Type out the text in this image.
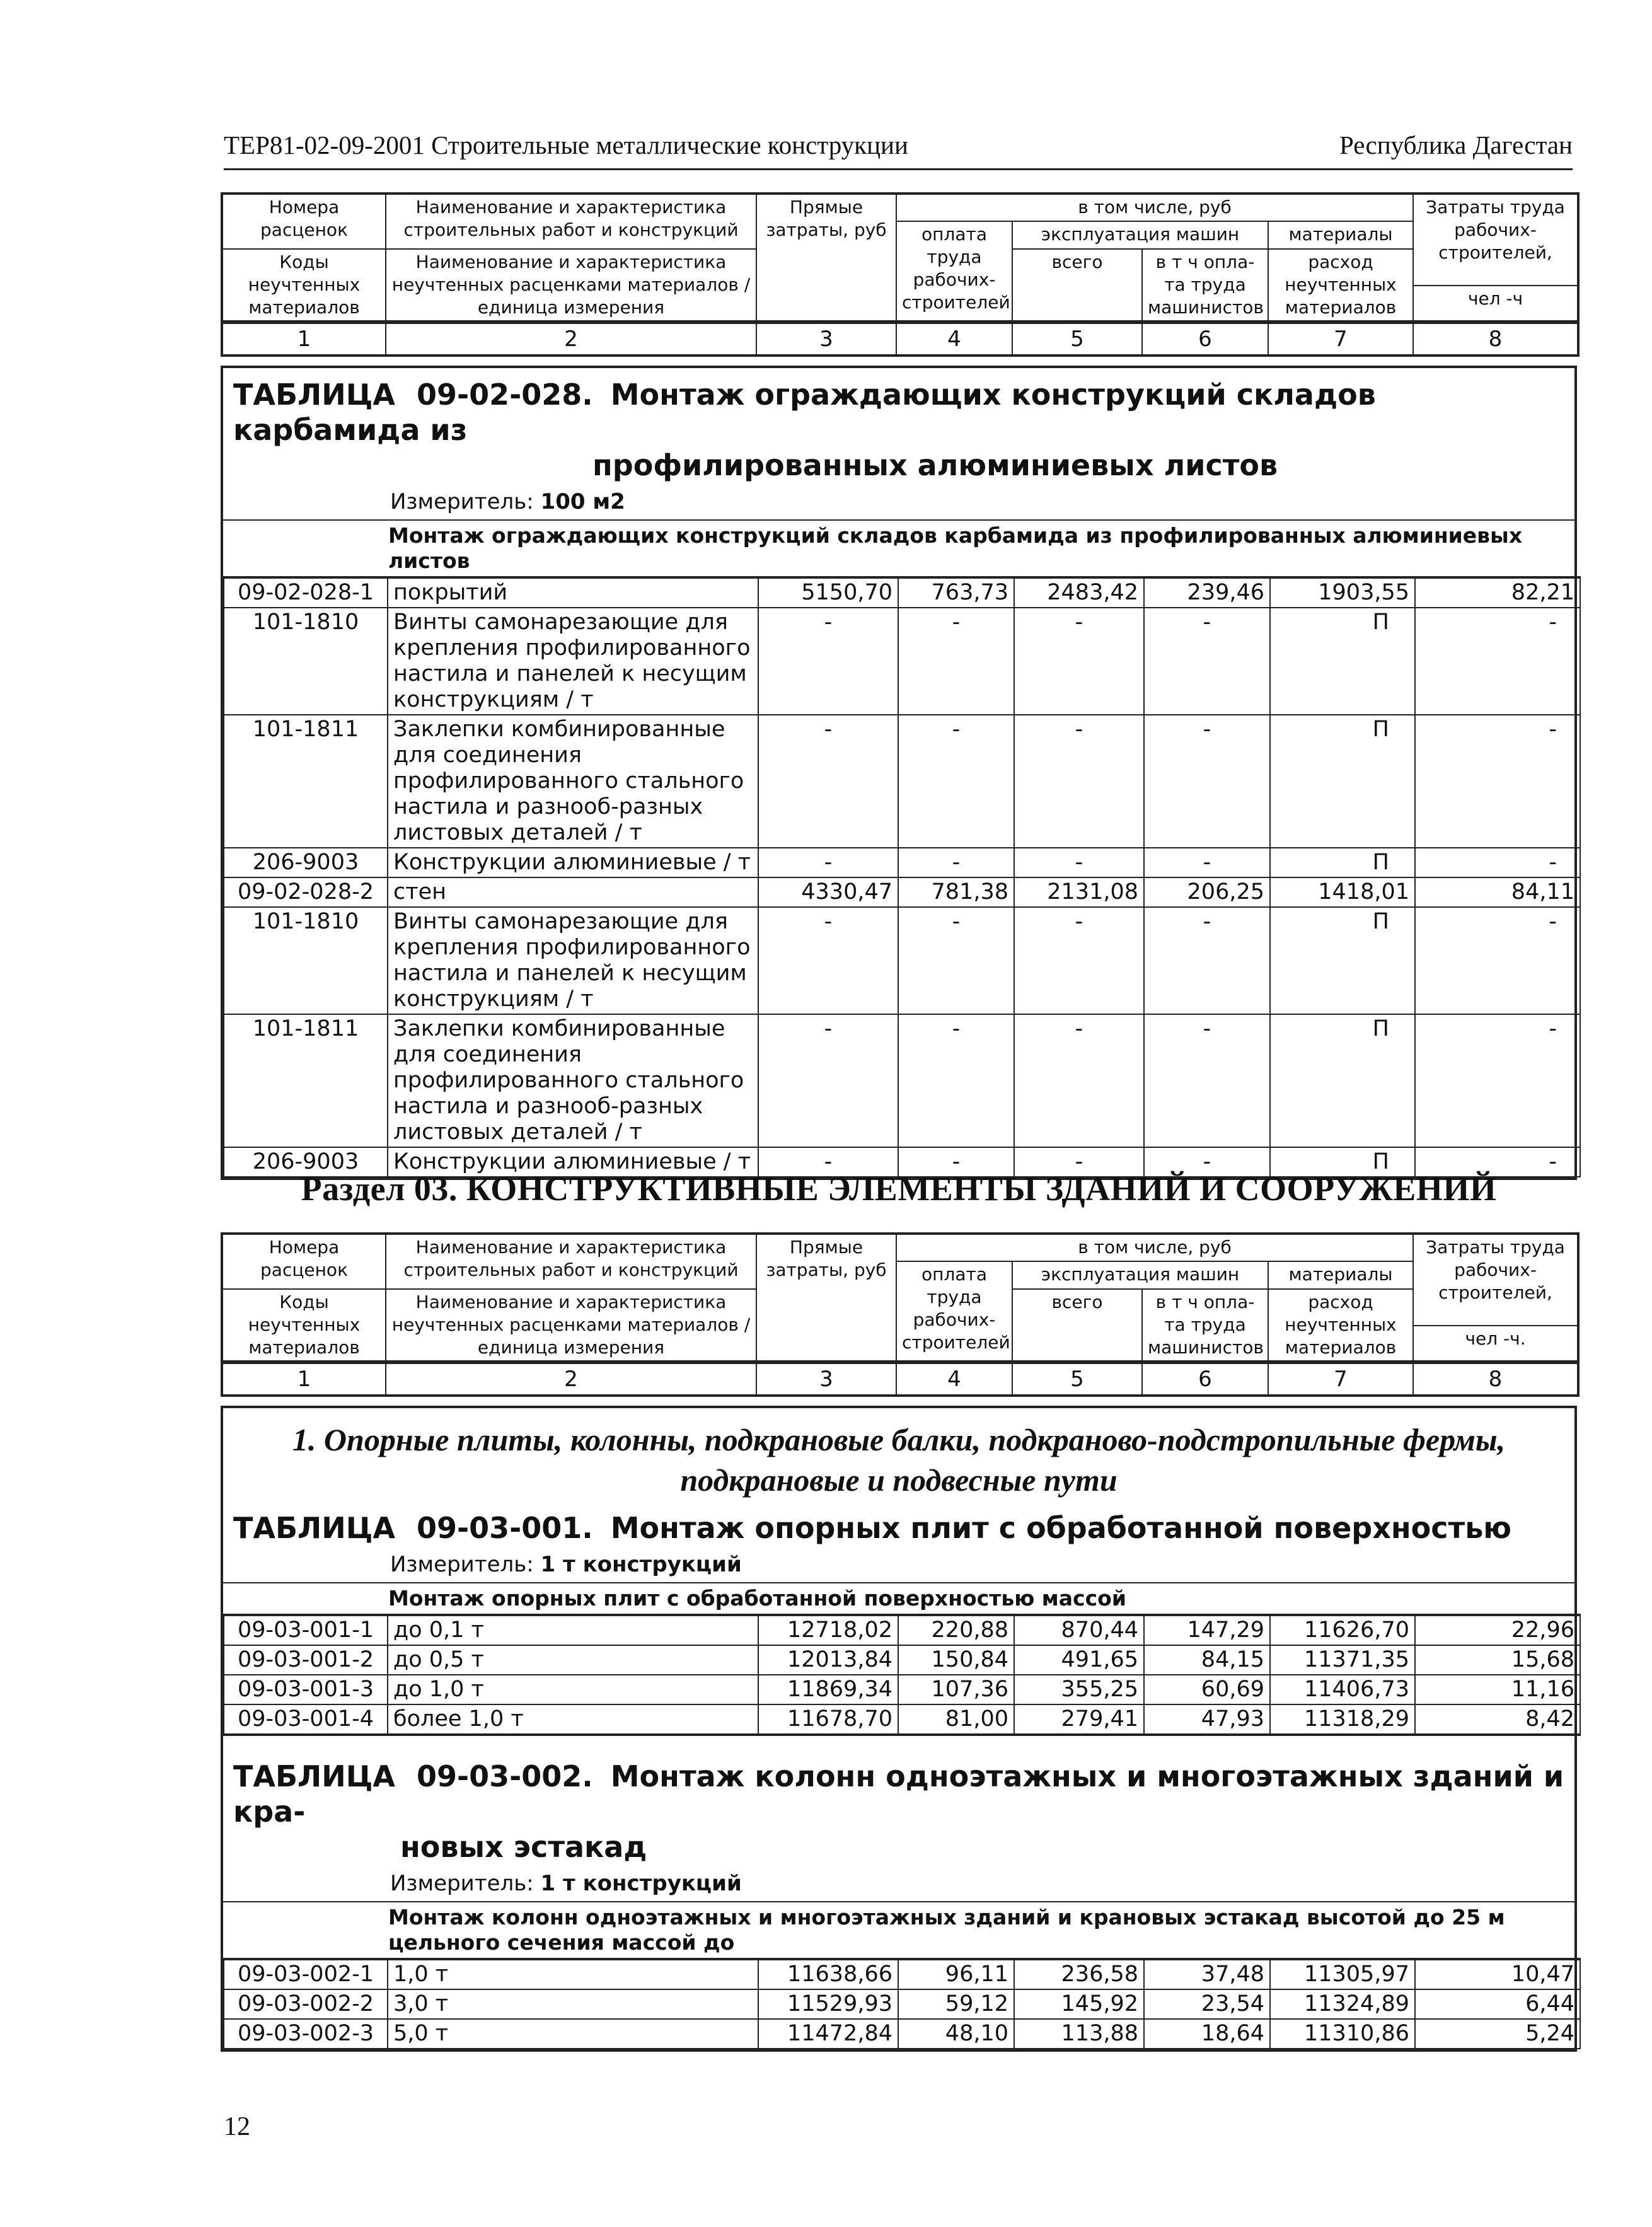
ТЕР81-02-09-2001 Строительные металлические конструкции	Республика Дагестан
Номера расценок	Наименование и характеристика строительных работ и конструкций	Прямые затраты, руб	в том числе, руб				Затраты труда рабочих-строителей,
			оплата труда рабочих-строителей	эксплуатация машин		материалы	
Коды неучтенных материалов	Наименование и характеристика неучтенных расценками материалов / единица измерения			всего	в т ч опла-та труда машинистов	расход неучтенных материалов	
							чел -ч
1	2	3	4	5	6	7	8
ТАБЛИЦА 09-02-028. Монтаж ограждающих конструкций складов карбамида из
профилированных алюминиевых листов
Измеритель: 100 м2
Монтаж ограждающих конструкций складов карбамида из профилированных алюминиевых листов
09-02-028-1	покрытий	5150,70	763,73	2483,42	239,46	1903,55	82,21
101-1810	Винты самонарезающие для крепления профилированного настила и панелей к несущим конструкциям / т	-	-	-	-	П	-
101-1811	Заклепки комбинированные для соединения профилированного стального настила и разнооб-разных листовых деталей / т	-	-	-	-	П	-
206-9003	Конструкции алюминиевые / т	-	-	-	-	П	-
09-02-028-2	стен	4330,47	781,38	2131,08	206,25	1418,01	84,11
101-1810	Винты самонарезающие для крепления профилированного настила и панелей к несущим конструкциям / т	-	-	-	-	П	-
101-1811	Заклепки комбинированные для соединения профилированного стального настила и разнооб-разных листовых деталей / т	-	-	-	-	П	-
206-9003	Конструкции алюминиевые / т	-	-	-	-	П	-
Раздел 03. КОНСТРУКТИВНЫЕ ЭЛЕМЕНТЫ ЗДАНИЙ И СООРУЖЕНИЙ
Номера расценок	Наименование и характеристика строительных работ и конструкций	Прямые затраты, руб	в том числе, руб				Затраты труда рабочих-строителей,
			оплата труда рабочих-строителей	эксплуатация машин		материалы	
Коды неучтенных материалов	Наименование и характеристика неучтенных расценками материалов / единица измерения			всего	в т ч опла-та труда машинистов	расход неучтенных материалов	
							чел -ч.
1	2	3	4	5	6	7	8
1. Опорные плиты, колонны, подкрановые балки, подкраново-подстропильные фермы,
подкрановые и подвесные пути
ТАБЛИЦА 09-03-001. Монтаж опорных плит с обработанной поверхностью
Измеритель: 1 т конструкций
Монтаж опорных плит с обработанной поверхностью массой
09-03-001-1	до 0,1 т	12718,02	220,88	870,44	147,29	11626,70	22,96
09-03-001-2	до 0,5 т	12013,84	150,84	491,65	84,15	11371,35	15,68
09-03-001-3	до 1,0 т	11869,34	107,36	355,25	60,69	11406,73	11,16
09-03-001-4	более 1,0 т	11678,70	81,00	279,41	47,93	11318,29	8,42
ТАБЛИЦА 09-03-002. Монтаж колонн одноэтажных и многоэтажных зданий и кра-
новых эстакад
Измеритель: 1 т конструкций
Монтаж колонн одноэтажных и многоэтажных зданий и крановых эстакад высотой до 25 м цельного сечения массой до
09-03-002-1	1,0 т	11638,66	96,11	236,58	37,48	11305,97	10,47
09-03-002-2	3,0 т	11529,93	59,12	145,92	23,54	11324,89	6,44
09-03-002-3	5,0 т	11472,84	48,10	113,88	18,64	11310,86	5,24
12
